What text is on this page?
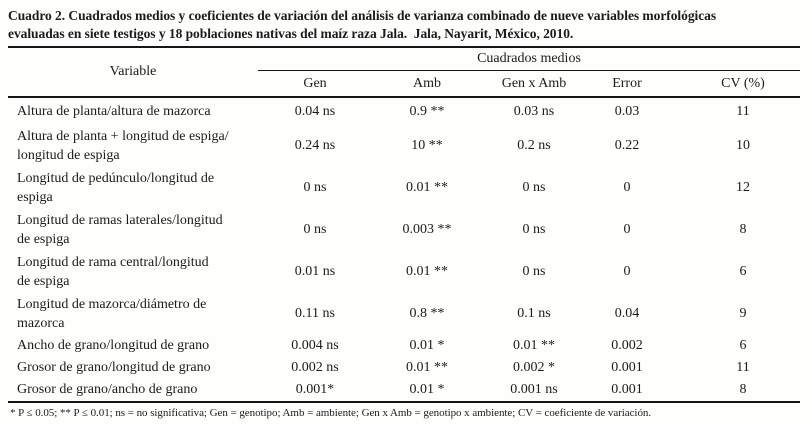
Cuadro 2. Cuadrados medios y coeficientes de variación del análisis de varianza combinado de nueve variables morfológicas
evaluadas en siete testigos y 18 poblaciones nativas del maíz raza Jala.  Jala, Nayarit, México, 2010.
Variable
Cuadrados medios
Gen	Amb	Gen x Amb	Error	CV (%)
Altura de planta/altura de mazorca	0.04 ns	0.9 **	0.03 ns	0.03	11
Altura de planta + longitud de espiga/
longitud de espiga
0.24 ns	10 **	0.2 ns	0.22	10
Longitud de pedúnculo/longitud de
espiga
0 ns	0.01 **	0 ns	0	12
Longitud de ramas laterales/longitud
de espiga
0 ns	0.003 **	0 ns	0	8
Longitud de rama central/longitud
de espiga
0.01 ns	0.01 **	0 ns	0	6
Longitud de mazorca/diámetro de
mazorca
0.11 ns	0.8 **	0.1 ns	0.04	9
Ancho de grano/longitud de grano	0.004 ns	0.01 *	0.01 **	0.002	6
Grosor de grano/longitud de grano	0.002 ns	0.01 **	0.002 *	0.001	11
Grosor de grano/ancho de grano	0.001*	0.01 *	0.001 ns	0.001	8
* P ≤ 0.05; ** P ≤ 0.01; ns = no significativa; Gen = genotipo; Amb = ambiente; Gen x Amb = genotipo x ambiente; CV = coeficiente de variación.
